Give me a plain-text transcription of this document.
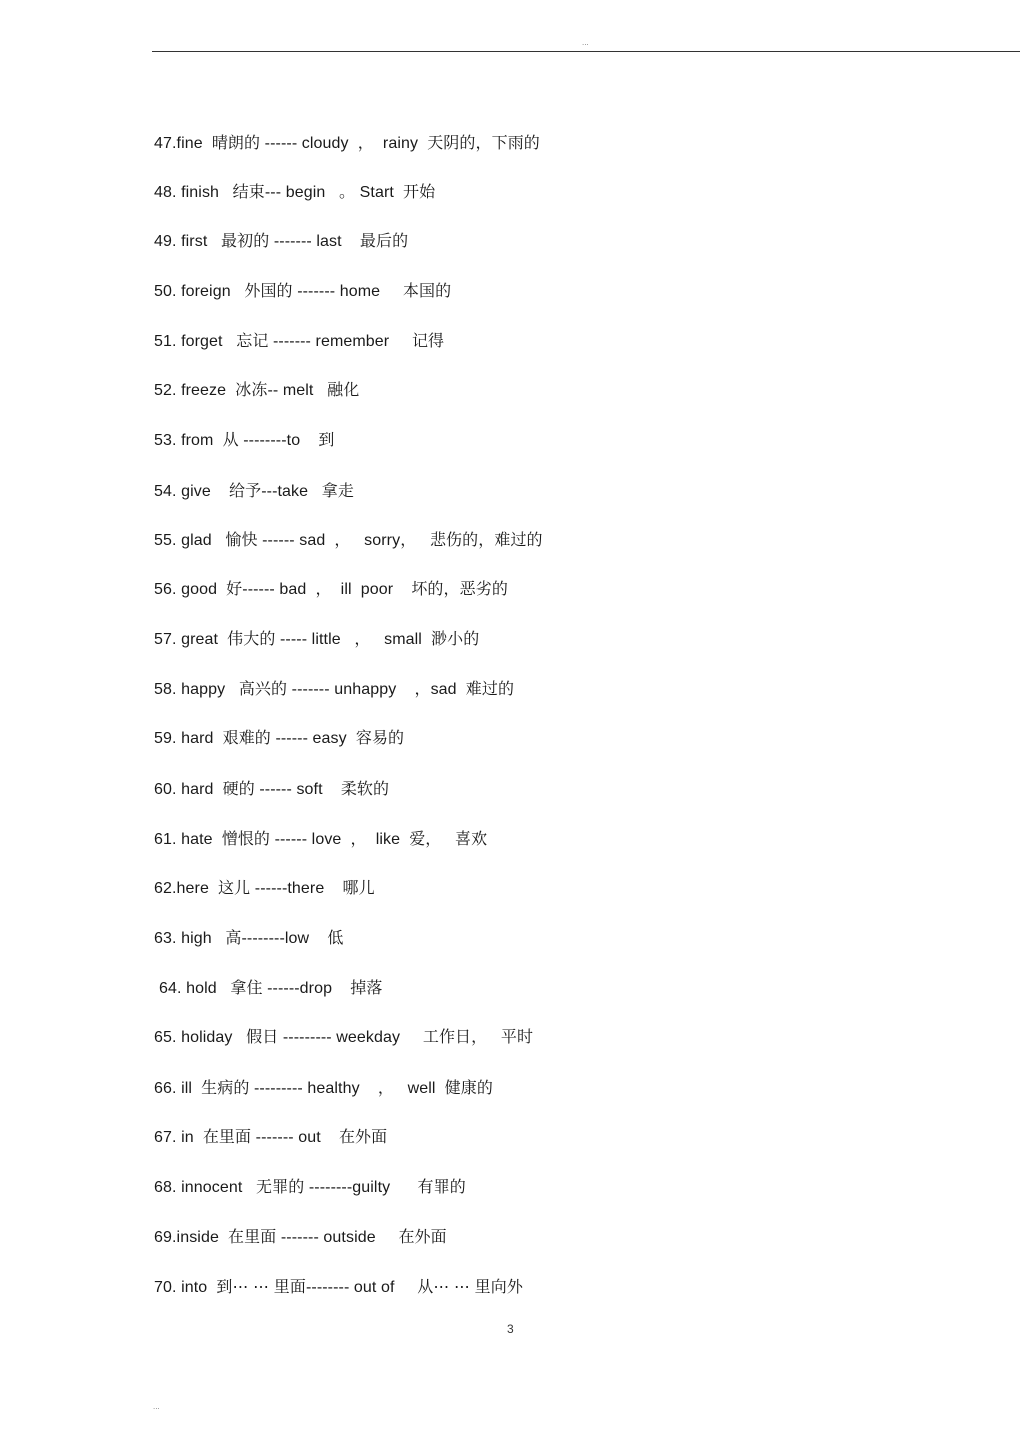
...
47.fine  晴朗的 ------ cloudy  ，  rainy  天阴的，下雨的
48. finish   结束--- begin   。 Start  开始
49. first   最初的 ------- last    最后的
50. foreign   外国的 ------- home     本国的
51. forget   忘记 ------- remember     记得
52. freeze  冰冻-- melt   融化
53. from  从 --------to    到
54. give    给予---take   拿走
55. glad   愉快 ------ sad  ，   sorry，   悲伤的，难过的
56. good  好------ bad  ，  ill  poor    坏的，恶劣的
57. great  伟大的 ----- little   ，   small  渺小的
58. happy   高兴的 ------- unhappy    ，sad  难过的
59. hard  艰难的 ------ easy  容易的
60. hard  硬的 ------ soft    柔软的
61. hate  憎恨的 ------ love  ，  like  爱，   喜欢
62.here  这儿 ------there    哪儿
63. high   高--------low    低
64. hold   拿住 ------drop    掉落
65. holiday   假日 --------- weekday     工作日，   平时
66. ill  生病的 --------- healthy    ，   well  健康的
67. in  在里面 ------- out    在外面
68. innocent   无罪的 --------guilty      有罪的
69.inside  在里面 ------- outside     在外面
70. into  到⋯ ⋯ 里面-------- out of     从⋯ ⋯ 里向外
3
...
